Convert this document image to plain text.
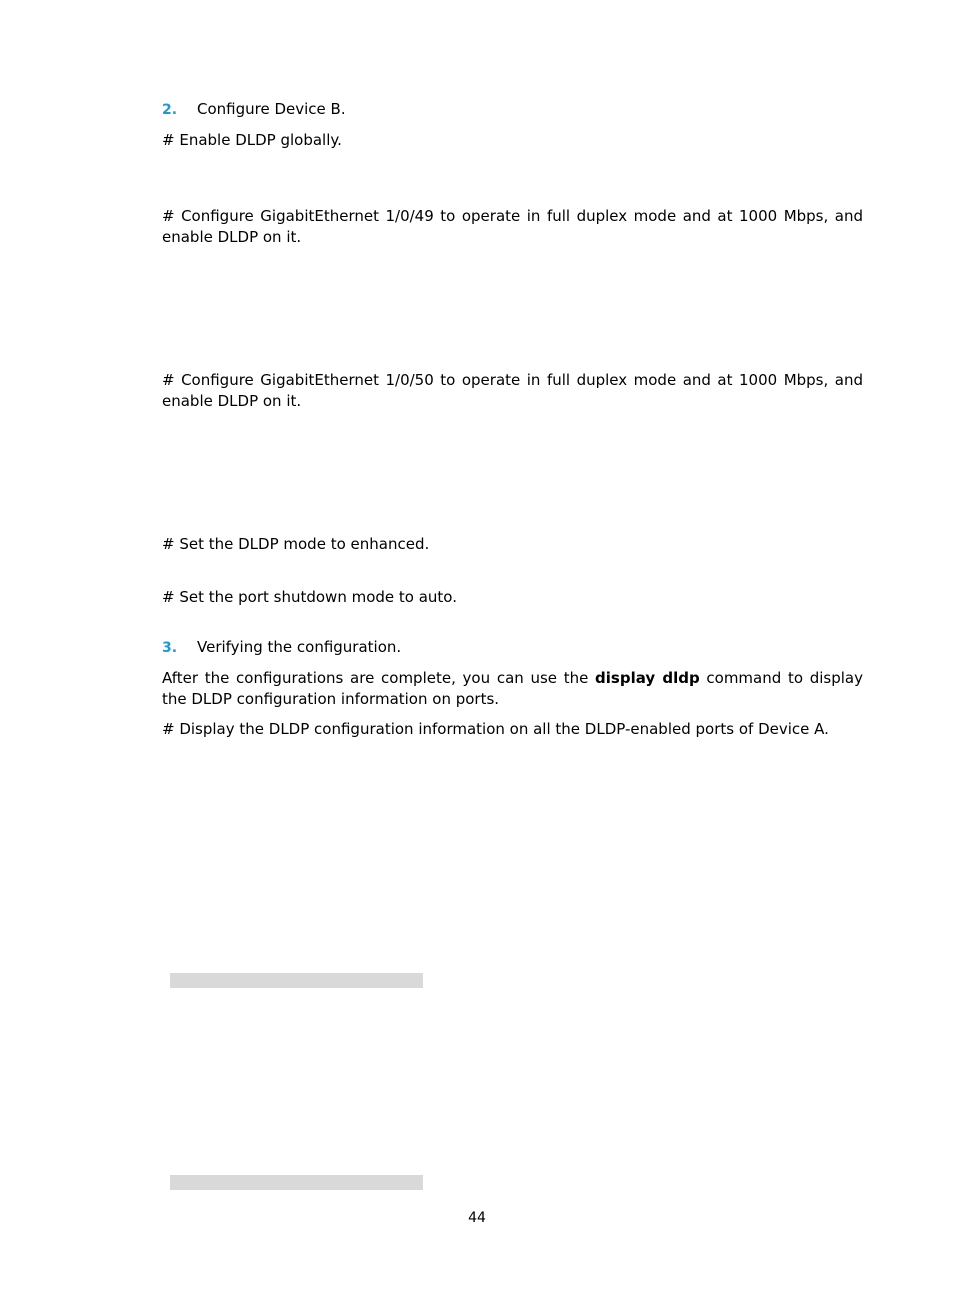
2. Configure Device B.
# Enable DLDP globally.
# Configure GigabitEthernet 1/0/49 to operate in full duplex mode and at 1000 Mbps, and enable DLDP on it.
# Configure GigabitEthernet 1/0/50 to operate in full duplex mode and at 1000 Mbps, and enable DLDP on it.
# Set the DLDP mode to enhanced.
# Set the port shutdown mode to auto.
3. Verifying the configuration.
After the configurations are complete, you can use the display dldp command to display the DLDP configuration information on ports.
# Display the DLDP configuration information on all the DLDP-enabled ports of Device A.
44
